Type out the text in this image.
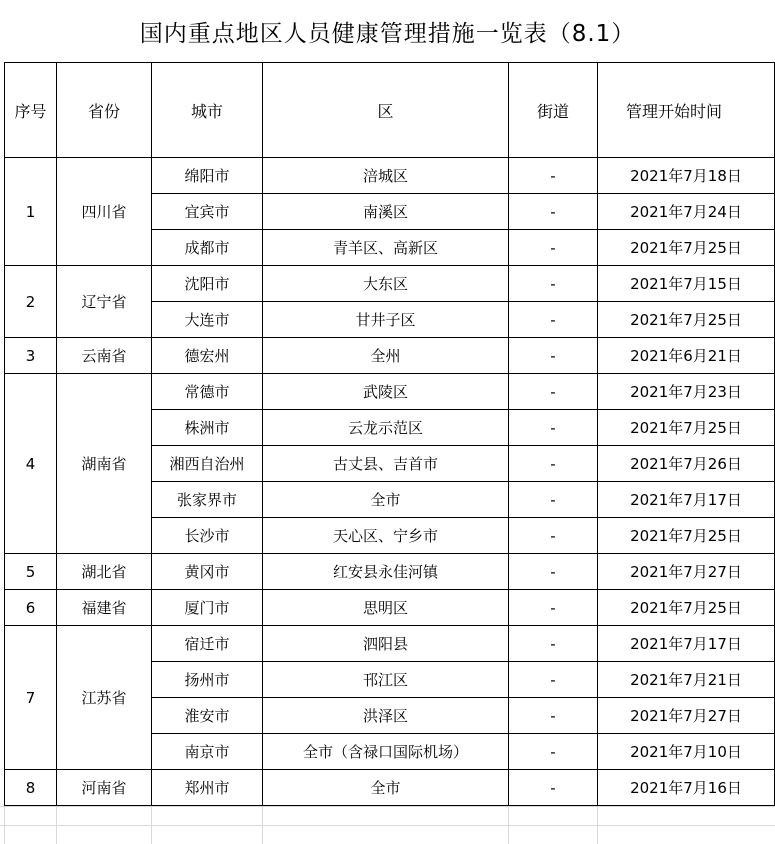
国内重点地区人员健康管理措施一览表（8.1）
序号	省份	城市	区	街道	管理开始时间
1	四川省	绵阳市	涪城区	-	2021年7月18日
		宜宾市	南溪区	-	2021年7月24日
		成都市	青羊区、高新区	-	2021年7月25日
2	辽宁省	沈阳市	大东区	-	2021年7月15日
		大连市	甘井子区	-	2021年7月25日
3	云南省	德宏州	全州	-	2021年6月21日
4	湖南省	常德市	武陵区	-	2021年7月23日
		株洲市	云龙示范区	-	2021年7月25日
		湘西自治州	古丈县、吉首市	-	2021年7月26日
		张家界市	全市	-	2021年7月17日
		长沙市	天心区、宁乡市	-	2021年7月25日
5	湖北省	黄冈市	红安县永佳河镇	-	2021年7月27日
6	福建省	厦门市	思明区	-	2021年7月25日
7	江苏省	宿迁市	泗阳县	-	2021年7月17日
		扬州市	邗江区	-	2021年7月21日
		淮安市	洪泽区	-	2021年7月27日
		南京市	全市（含禄口国际机场）	-	2021年7月10日
8	河南省	郑州市	全市	-	2021年7月16日
